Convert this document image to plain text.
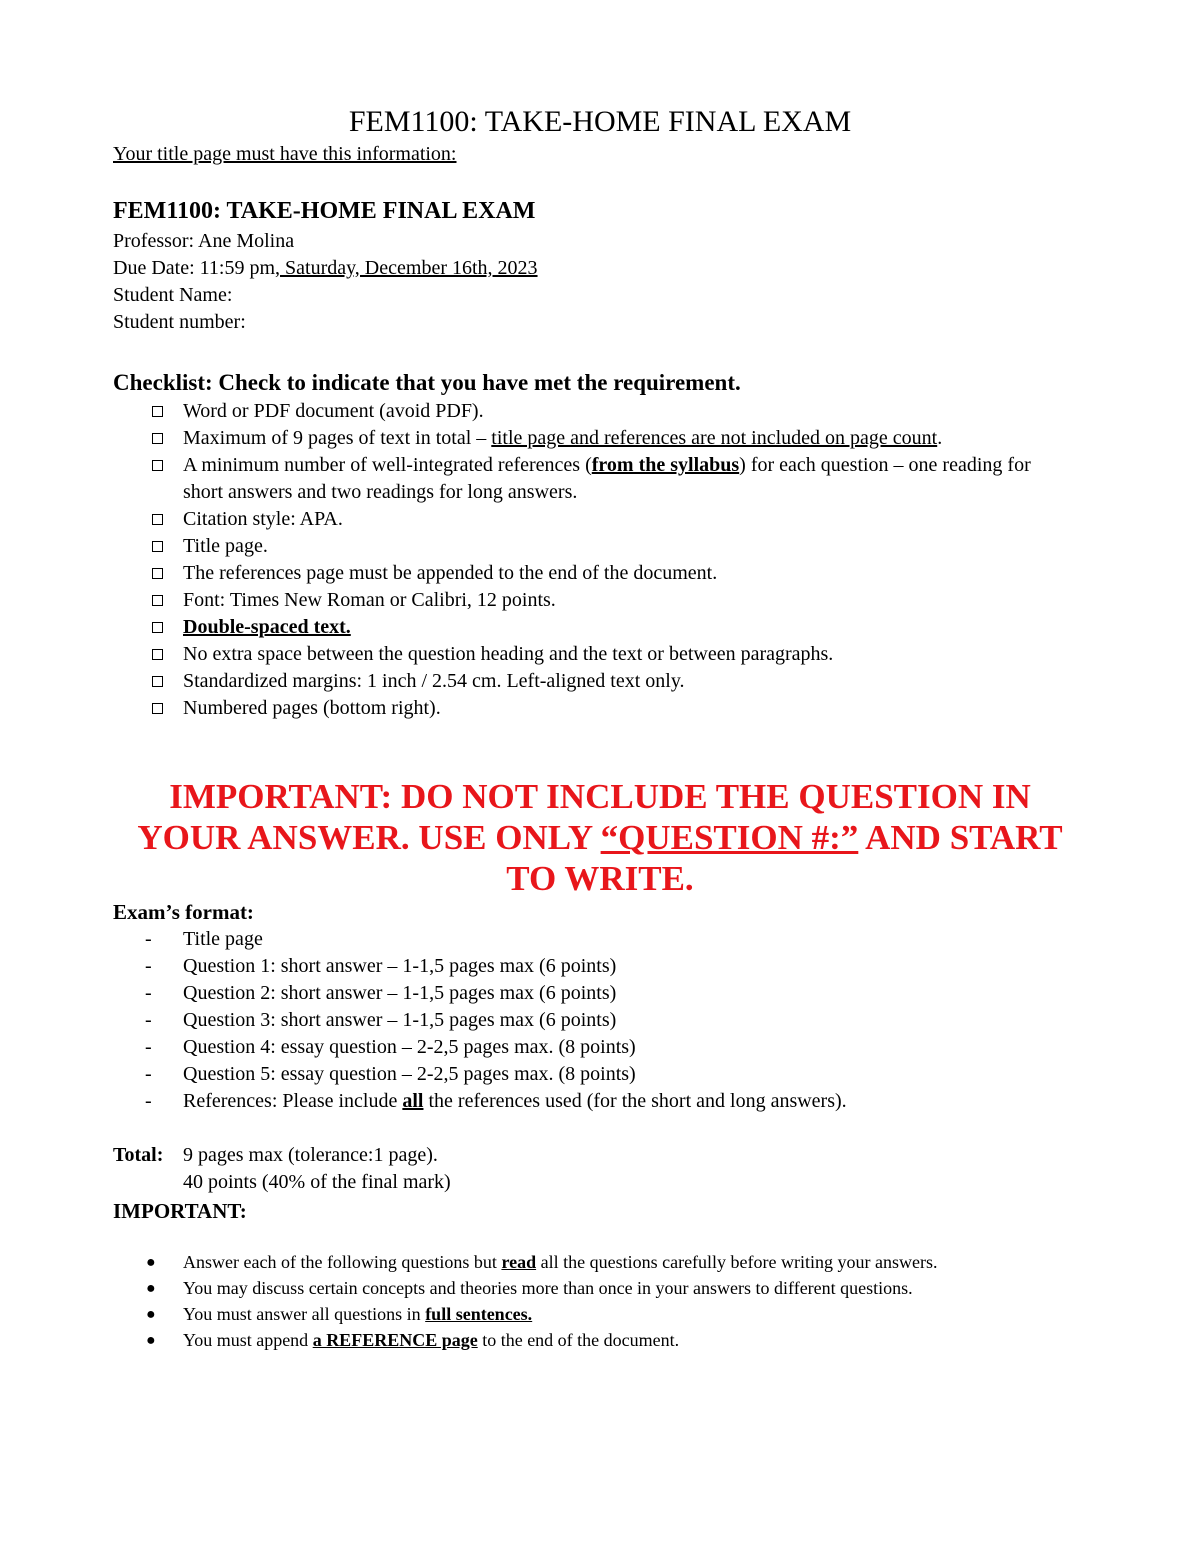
FEM1100: TAKE-HOME FINAL EXAM
Your title page must have this information:
FEM1100: TAKE-HOME FINAL EXAM
Professor: Ane Molina
Due Date: 11:59 pm, Saturday, December 16th, 2023
Student Name:
Student number:
Checklist: Check to indicate that you have met the requirement.
Word or PDF document (avoid PDF).
Maximum of 9 pages of text in total – title page and references are not included on page count.
A minimum number of well-integrated references (from the syllabus) for each question – one reading for short answers and two readings for long answers.
Citation style: APA.
Title page.
The references page must be appended to the end of the document.
Font: Times New Roman or Calibri, 12 points.
Double-spaced text.
No extra space between the question heading and the text or between paragraphs.
Standardized margins: 1 inch / 2.54 cm. Left-aligned text only.
Numbered pages (bottom right).
IMPORTANT: DO NOT INCLUDE THE QUESTION IN
YOUR ANSWER. USE ONLY “QUESTION #:” AND START
TO WRITE.
Exam’s format:
- Title page
- Question 1: short answer – 1-1,5 pages max (6 points)
- Question 2: short answer – 1-1,5 pages max (6 points)
- Question 3: short answer – 1-1,5 pages max (6 points)
- Question 4: essay question – 2-2,5 pages max. (8 points)
- Question 5: essay question – 2-2,5 pages max. (8 points)
- References: Please include all the references used (for the short and long answers).
Total: 9 pages max (tolerance:1 page).
40 points (40% of the final mark)
IMPORTANT:
● Answer each of the following questions but read all the questions carefully before writing your answers.
● You may discuss certain concepts and theories more than once in your answers to different questions.
● You must answer all questions in full sentences.
● You must append a REFERENCE page to the end of the document.
